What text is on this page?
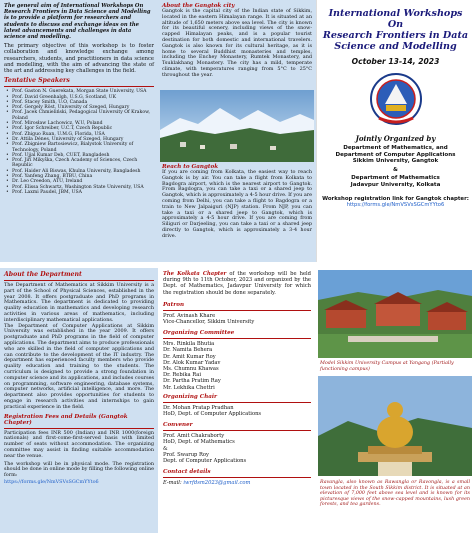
The general aim of International Workshops On Research Frontiers in Data Science and Modelling is to provide a platform for researchers and students to discuss and exchange ideas on the latest advancements and challenges in data science and modelling.
The primary objective of this workshop is to foster collaboration and knowledge exchange among researchers, students, and practitioners in data science and modelling, with the aim of advancing the state of the art and addressing key challenges in the field.
Tentative Speakers
• Prof. Gaston N. Guerekata, Morgan State University, USA
• Prof. David Greenhalgh, U.S.G, Scotland, UK
• Prof. Stacey Smith, U.O, Canada
• Prof. Gergely Röst, University of Szeged, Hungary
• Prof. Jacek Chmieliński, Pedagogical University Of Krakow, Poland
• Prof. Mirosław Lachowicz, W.U, Poland
• Prof. Igor Schreiber, U.C.T, Czech Republic
• Prof. Zhiguo Ruan, U.M.G, Florida, USA
• Dr. Attila Dénes, University of Szeged, Hungary
• Prof. Zbigniew Bartosiewicz, Bialystok University of Technology, Poland
• Prof. Ujjal Kumar Deb, CUET, Bangladesh
• Prof. Jiří Mikyška, Czech Academy of Sciences, Czech Republic
• Prof. Haider Ali Biswas, Khulna University, Bangladesh
• Prof. Yanfeng Zhang, BTBU, China
• Dr. Leo Creedon, ATU, Ireland
• Prof. Elissa Schwartz, Washington State University, USA
• Prof. Laxmi Paudel, JBM, USA
About the Gangtok city
Gangtok is the capital city of the Indian state of Sikkim, located in the eastern Himalayan range. It is situated at an altitude of 1,650 meters above sea level. The city is known for its beautiful scenery, including views of the snow-capped Himalayan peaks, and is a popular tourist destination for both domestic and international travelers. Gangtok is also known for its cultural heritage, as it is home to several Buddhist monasteries and temples, including the Enchey Monastery, Rumtek Monastery, and Tsuklakhang Monastery. The city has a mild, temperate climate, with temperatures ranging from 5°C to 25°C throughout the year.
Reach to Gangtok
If you are coming from Kolkata, the easiest way to reach Gangtok is by air. You can take a flight from Kolkata to Bagdogra airport, which is the nearest airport to Gangtok. From Bagdogra, you can take a taxi or a shared jeep to Gangtok, which is approximately a 4-5 hour drive. If you are coming from Delhi, you can take a flight to Bagdogra or a train to New Jalpaiguri (NJP) station. From NJP, you can take a taxi or a shared jeep to Gangtok, which is approximately a 4-5 hour drive. If you are coming from Siliguri or Darjeeling, you can take a taxi or a shared jeep directly to Gangtok, which is approximately a 3-4 hour drive.
International Workshops
On
Research Frontiers in Data
Science and Modelling
October 13-14, 2023
Jointly Organized by
Department of Mathematics, and
Department of Computer Applications
Sikkim University, Gangtok
&
Department of Mathematics
Jadavpur University, Kolkata
Workshop registration link for Gangtok chapter:
https://forms.gle/NmVSVsSGCmYYto6
About the Department
The Department of Mathematics at Sikkim University is a part of the School of Physical Sciences, established in the year 2008. It offers postgraduate and PhD programs in Mathematics. The department is dedicated to providing quality education in mathematics and developing research activities in various areas of mathematics, including interdisciplinary mathematical applications.
The Department of Computer Applications at Sikkim University was established in the year 2009. It offers postgraduate and PhD programs in the field of computer applications. The department aims to produce professionals who are skilled in the field of computer applications and can contribute to the development of the IT industry. The department has experienced faculty members who provide quality education and training to the students. The curriculum is designed to provide a strong foundation in computer science and its applications, and includes courses on programming, software engineering, database systems, computer networks, artificial intelligence, and more. The department also provides opportunities for students to engage in research activities and internships to gain practical experience in the field.
Registration Fees and Details (Gangtok Chapter)
Participation fees INR 500 (Indian) and INR 1000(foreign nationals) and first-come-first-served basis with limited number of seats without accommodation. The organizing committee may assist in finding suitable accommodation near the venue.
The workshop will be in physical mode. The registration should be done in online mode by filling the following online form:
https://forms.gle/NmVSVsSGCmYYto6
The Kolkata Chapter of the workshop will be held during 9th to 11th October, 2023 and organized by the Dept. of Mathematics, Jadavpur University for which the registration should be done separately.
Patron
Prof. Avinash Khare
Vice-Chancellor, Sikkim University
Organizing Committee
Mrs. Rinkila Bhutia
Dr. Namita Behera
Dr. Amit Kumar Roy
Dr. Alok Kumar Yadav
Ms. Chumnu Khawas
Dr. Rebika Rai
Dr. Partha Pratim Ray
Mr. Lekhika Chettri
Organizing Chair
Dr. Mohan Pratap Pradhan
HoD, Dept. of Computer Applications
Convener
Prof. Amit Chakraborty
HoD, Dept. of Mathematics
&
Prof. Swarup Roy
Dept. of Computer Applications
Contact details
E-mail: iwrfdsm2023@gmail.com
Model Sikkim University Campus at Yangang (Partially functioning campus)
Ravangla, also known as Rawangla or Ravongla, is a small town located in the South Sikkim district. It is situated at an elevation of 7,000 feet above sea level and is known for its picturesque views of the snow-capped mountains, lush green forests, and tea gardens.
